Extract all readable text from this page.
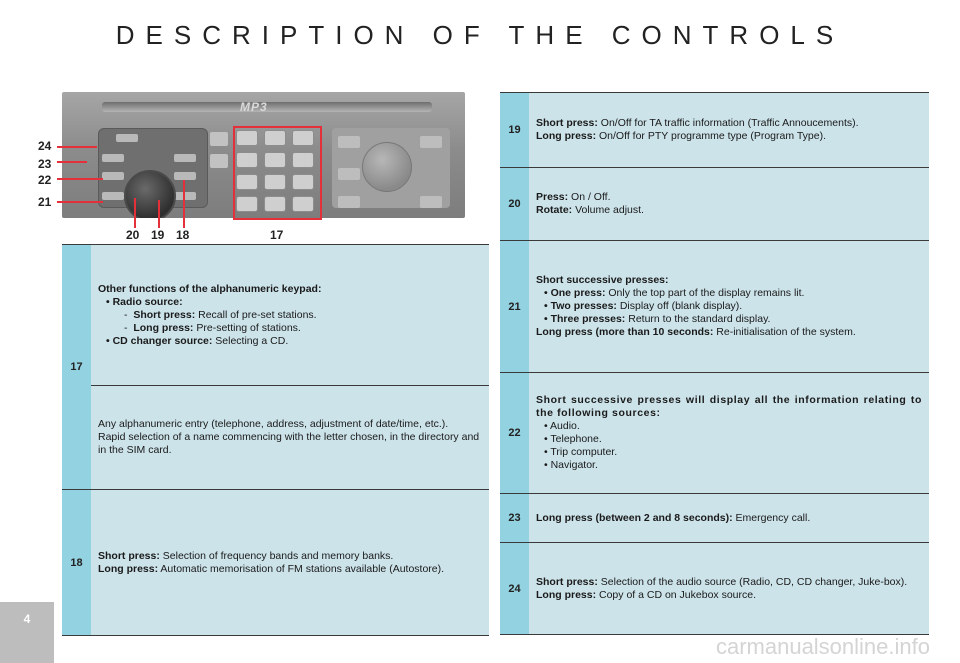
DESCRIPTION OF THE CONTROLS
MP3
24
23
22
21
20 19 18	17
17
Other functions of the alphanumeric keypad:
• Radio source:
-  Short press: Recall of pre-set stations.
-  Long press: Pre-setting of stations.
• CD changer source: Selecting a CD.
Any alphanumeric entry (telephone, address, adjustment of date/time, etc.).
Rapid selection of a name commencing with the letter chosen, in the directory and in the SIM card.
18
Short press: Selection of frequency bands and memory banks.
Long press: Automatic memorisation of FM stations available (Autostore).
19
Short press: On/Off for TA traffic information (Traffic Annoucements).
Long press: On/Off for PTY programme type (Program Type).
20
Press: On / Off.
Rotate: Volume adjust.
21
Short successive presses:
• One press: Only the top part of the display remains lit.
• Two presses: Display off (blank display).
• Three presses: Return to the standard display.
Long press (more than 10 seconds: Re-initialisation of the system.
22
Short successive presses will display all the information relating to the following sources:
• Audio.
• Telephone.
• Trip computer.
• Navigator.
23	Long press (between 2 and 8 seconds): Emergency call.
24
Short press: Selection of the audio source (Radio, CD, CD changer, Juke-box).
Long press: Copy of a CD on Jukebox source.
4
carmanualsonline.info
